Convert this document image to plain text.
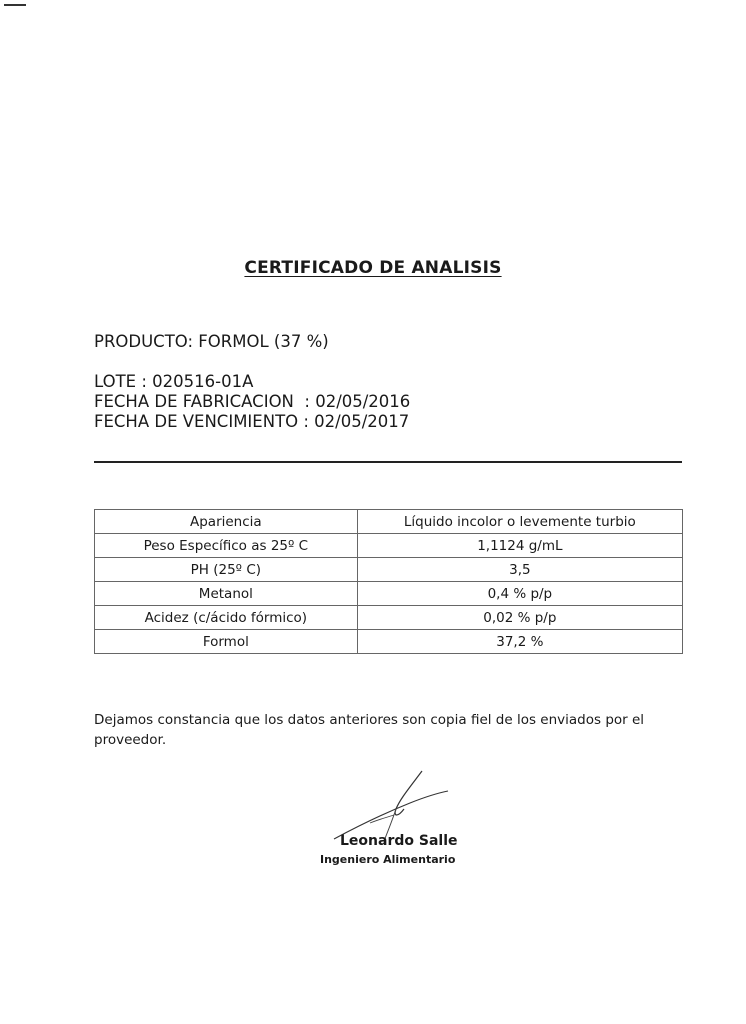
CERTIFICADO DE ANALISIS
PRODUCTO: FORMOL (37 %)
LOTE : 020516-01A
FECHA DE FABRICACION  : 02/05/2016
FECHA DE VENCIMIENTO : 02/05/2017
Apariencia	Líquido incolor o levemente turbio
Peso Específico as 25º C	1,1124 g/mL
PH (25º C)	3,5
Metanol	0,4 % p/p
Acidez (c/ácido fórmico)	0,02 % p/p
Formol	37,2 %
Dejamos constancia que los datos anteriores son copia fiel de los enviados por el proveedor.
Leonardo Salle
Ingeniero Alimentario
